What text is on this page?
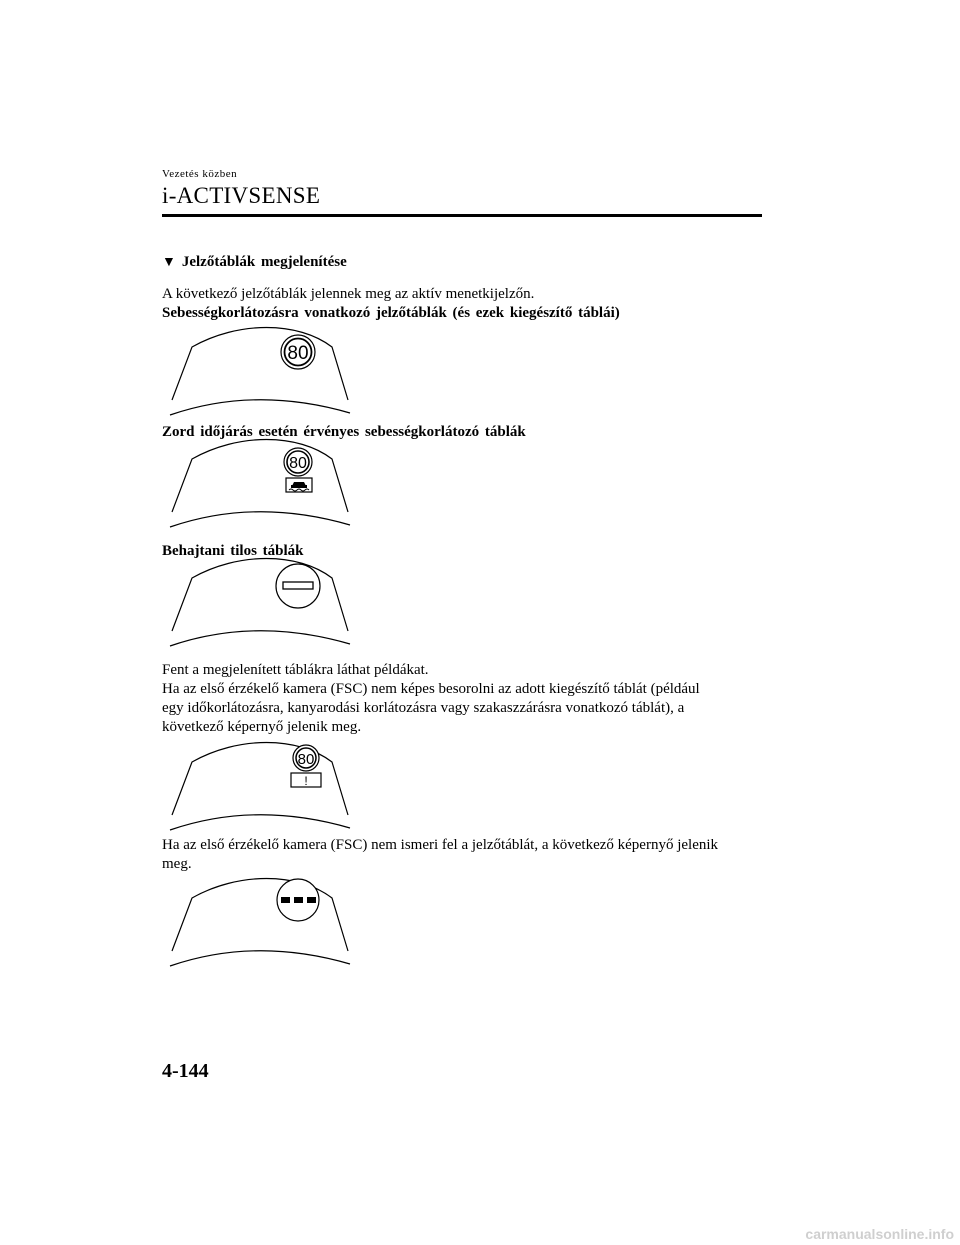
Vezetés közben
i-ACTIVSENSE
▼ Jelzőtáblák megjelenítése
A következő jelzőtáblák jelennek meg az aktív menetkijelzőn.
Sebességkorlátozásra vonatkozó jelzőtáblák (és ezek kiegészítő táblái)
80
Zord időjárás esetén érvényes sebességkorlátozó táblák
80
Behajtani tilos táblák
Fent a megjelenített táblákra láthat példákat.
Ha az első érzékelő kamera (FSC) nem képes besorolni az adott kiegészítő táblát (például
egy időkorlátozásra, kanyarodási korlátozásra vagy szakaszzárásra vonatkozó táblát), a
következő képernyő jelenik meg.
80
!
Ha az első érzékelő kamera (FSC) nem ismeri fel a jelzőtáblát, a következő képernyő jelenik
meg.
4-144
carmanualsonline.info
